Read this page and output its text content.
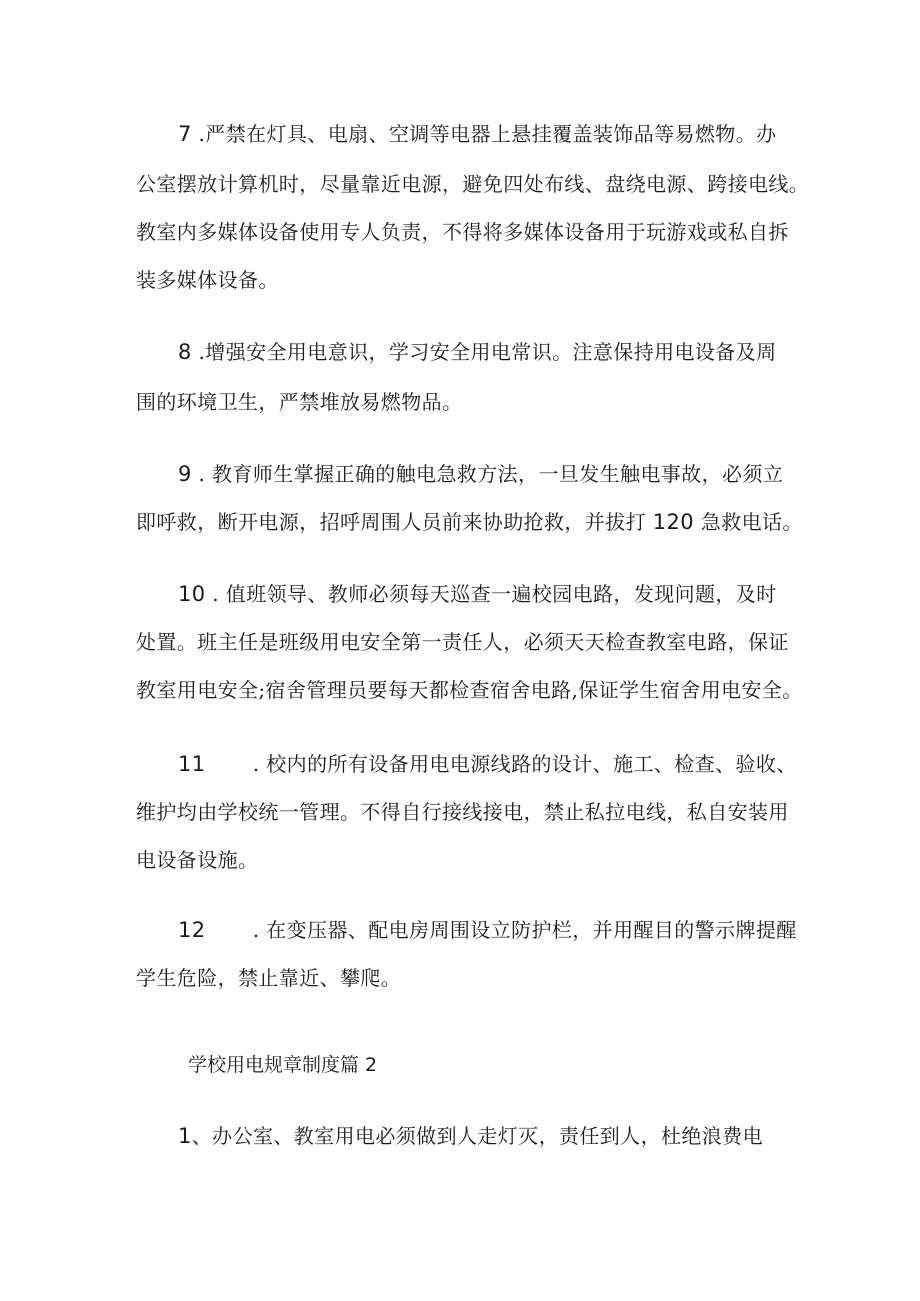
7 .严禁在灯具、电扇、空调等电器上悬挂覆盖装饰品等易燃物。办
公室摆放计算机时，尽量靠近电源，避免四处布线、盘绕电源、跨接电线。
教室内多媒体设备使用专人负责，不得将多媒体设备用于玩游戏或私自拆
装多媒体设备。
8 .增强安全用电意识，学习安全用电常识。注意保持用电设备及周
围的环境卫生，严禁堆放易燃物品。
9 . 教育师生掌握正确的触电急救方法，一旦发生触电事故，必须立
即呼救，断开电源，招呼周围人员前来协助抢救，并拔打 120 急救电话。
10 . 值班领导、教师必须每天巡查一遍校园电路，发现问题，及时
处置。班主任是班级用电安全第一责任人，必须天天检查教室电路，保证
教室用电安全;宿舍管理员要每天都检查宿舍电路,保证学生宿舍用电安全。
11 . 校内的所有设备用电电源线路的设计、施工、检查、验收、
维护均由学校统一管理。不得自行接线接电，禁止私拉电线，私自安装用
电设备设施。
12 . 在变压器、配电房周围设立防护栏，并用醒目的警示牌提醒
学生危险，禁止靠近、攀爬。
学校用电规章制度篇 2
1、办公室、教室用电必须做到人走灯灭，责任到人，杜绝浪费电
